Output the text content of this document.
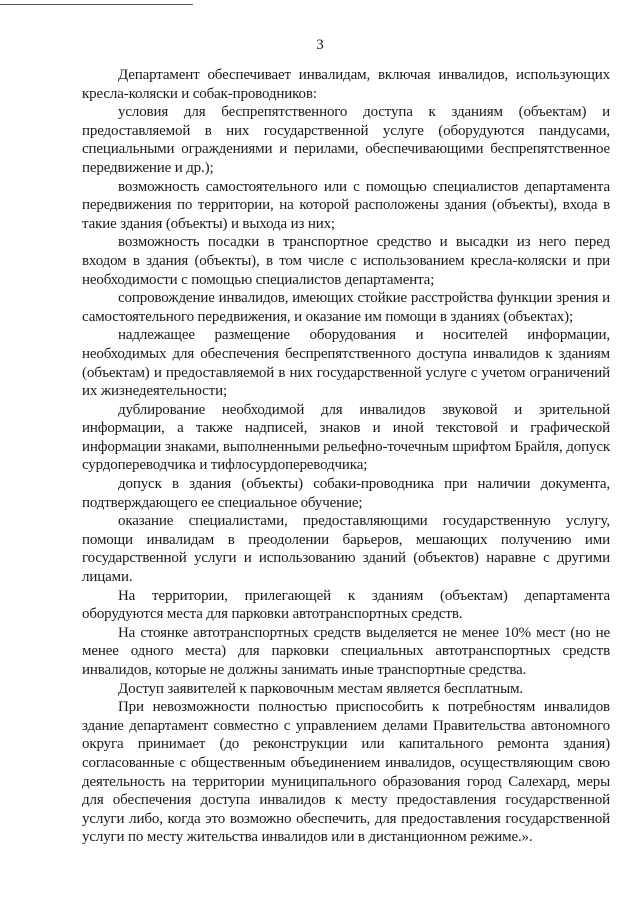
3

Департамент обеспечивает инвалидам, включая инвалидов, использующих кресла-коляски и собак-проводников:

условия для беспрепятственного доступа к зданиям (объектам) и предоставляемой в них государственной услуге (оборудуются пандусами, специальными ограждениями и перилами, обеспечивающими беспрепятственное передвижение и др.);

возможность самостоятельного или с помощью специалистов департамента передвижения по территории, на которой расположены здания (объекты), входа в такие здания (объекты) и выхода из них;

возможность посадки в транспортное средство и высадки из него перед входом в здания (объекты), в том числе с использованием кресла-коляски и при необходимости с помощью специалистов департамента;

сопровождение инвалидов, имеющих стойкие расстройства функции зрения и самостоятельного передвижения, и оказание им помощи в зданиях (объектах);

надлежащее размещение оборудования и носителей информации, необходимых для обеспечения беспрепятственного доступа инвалидов к зданиям (объектам) и предоставляемой в них государственной услуге с учетом ограничений их жизнедеятельности;

дублирование необходимой для инвалидов звуковой и зрительной информации, а также надписей, знаков и иной текстовой и графической информации знаками, выполненными рельефно-точечным шрифтом Брайля, допуск сурдопереводчика и тифлосурдопереводчика;

допуск в здания (объекты) собаки-проводника при наличии документа, подтверждающего ее специальное обучение;

оказание специалистами, предоставляющими государственную услугу, помощи инвалидам в преодолении барьеров, мешающих получению ими государственной услуги и использованию зданий (объектов) наравне с другими лицами.

На территории, прилегающей к зданиям (объектам) департамента оборудуются места для парковки автотранспортных средств.

На стоянке автотранспортных средств выделяется не менее 10% мест (но не менее одного места) для парковки специальных автотранспортных средств инвалидов, которые не должны занимать иные транспортные средства.

Доступ заявителей к парковочным местам является бесплатным.

При невозможности полностью приспособить к потребностям инвалидов здание департамент совместно с управлением делами Правительства автономного округа принимает (до реконструкции или капитального ремонта здания) согласованные с общественным объединением инвалидов, осуществляющим свою деятельность на территории муниципального образования город Салехард, меры для обеспечения доступа инвалидов к месту предоставления государственной услуги либо, когда это возможно обеспечить, для предоставления государственной услуги по месту жительства инвалидов или в дистанционном режиме.».
